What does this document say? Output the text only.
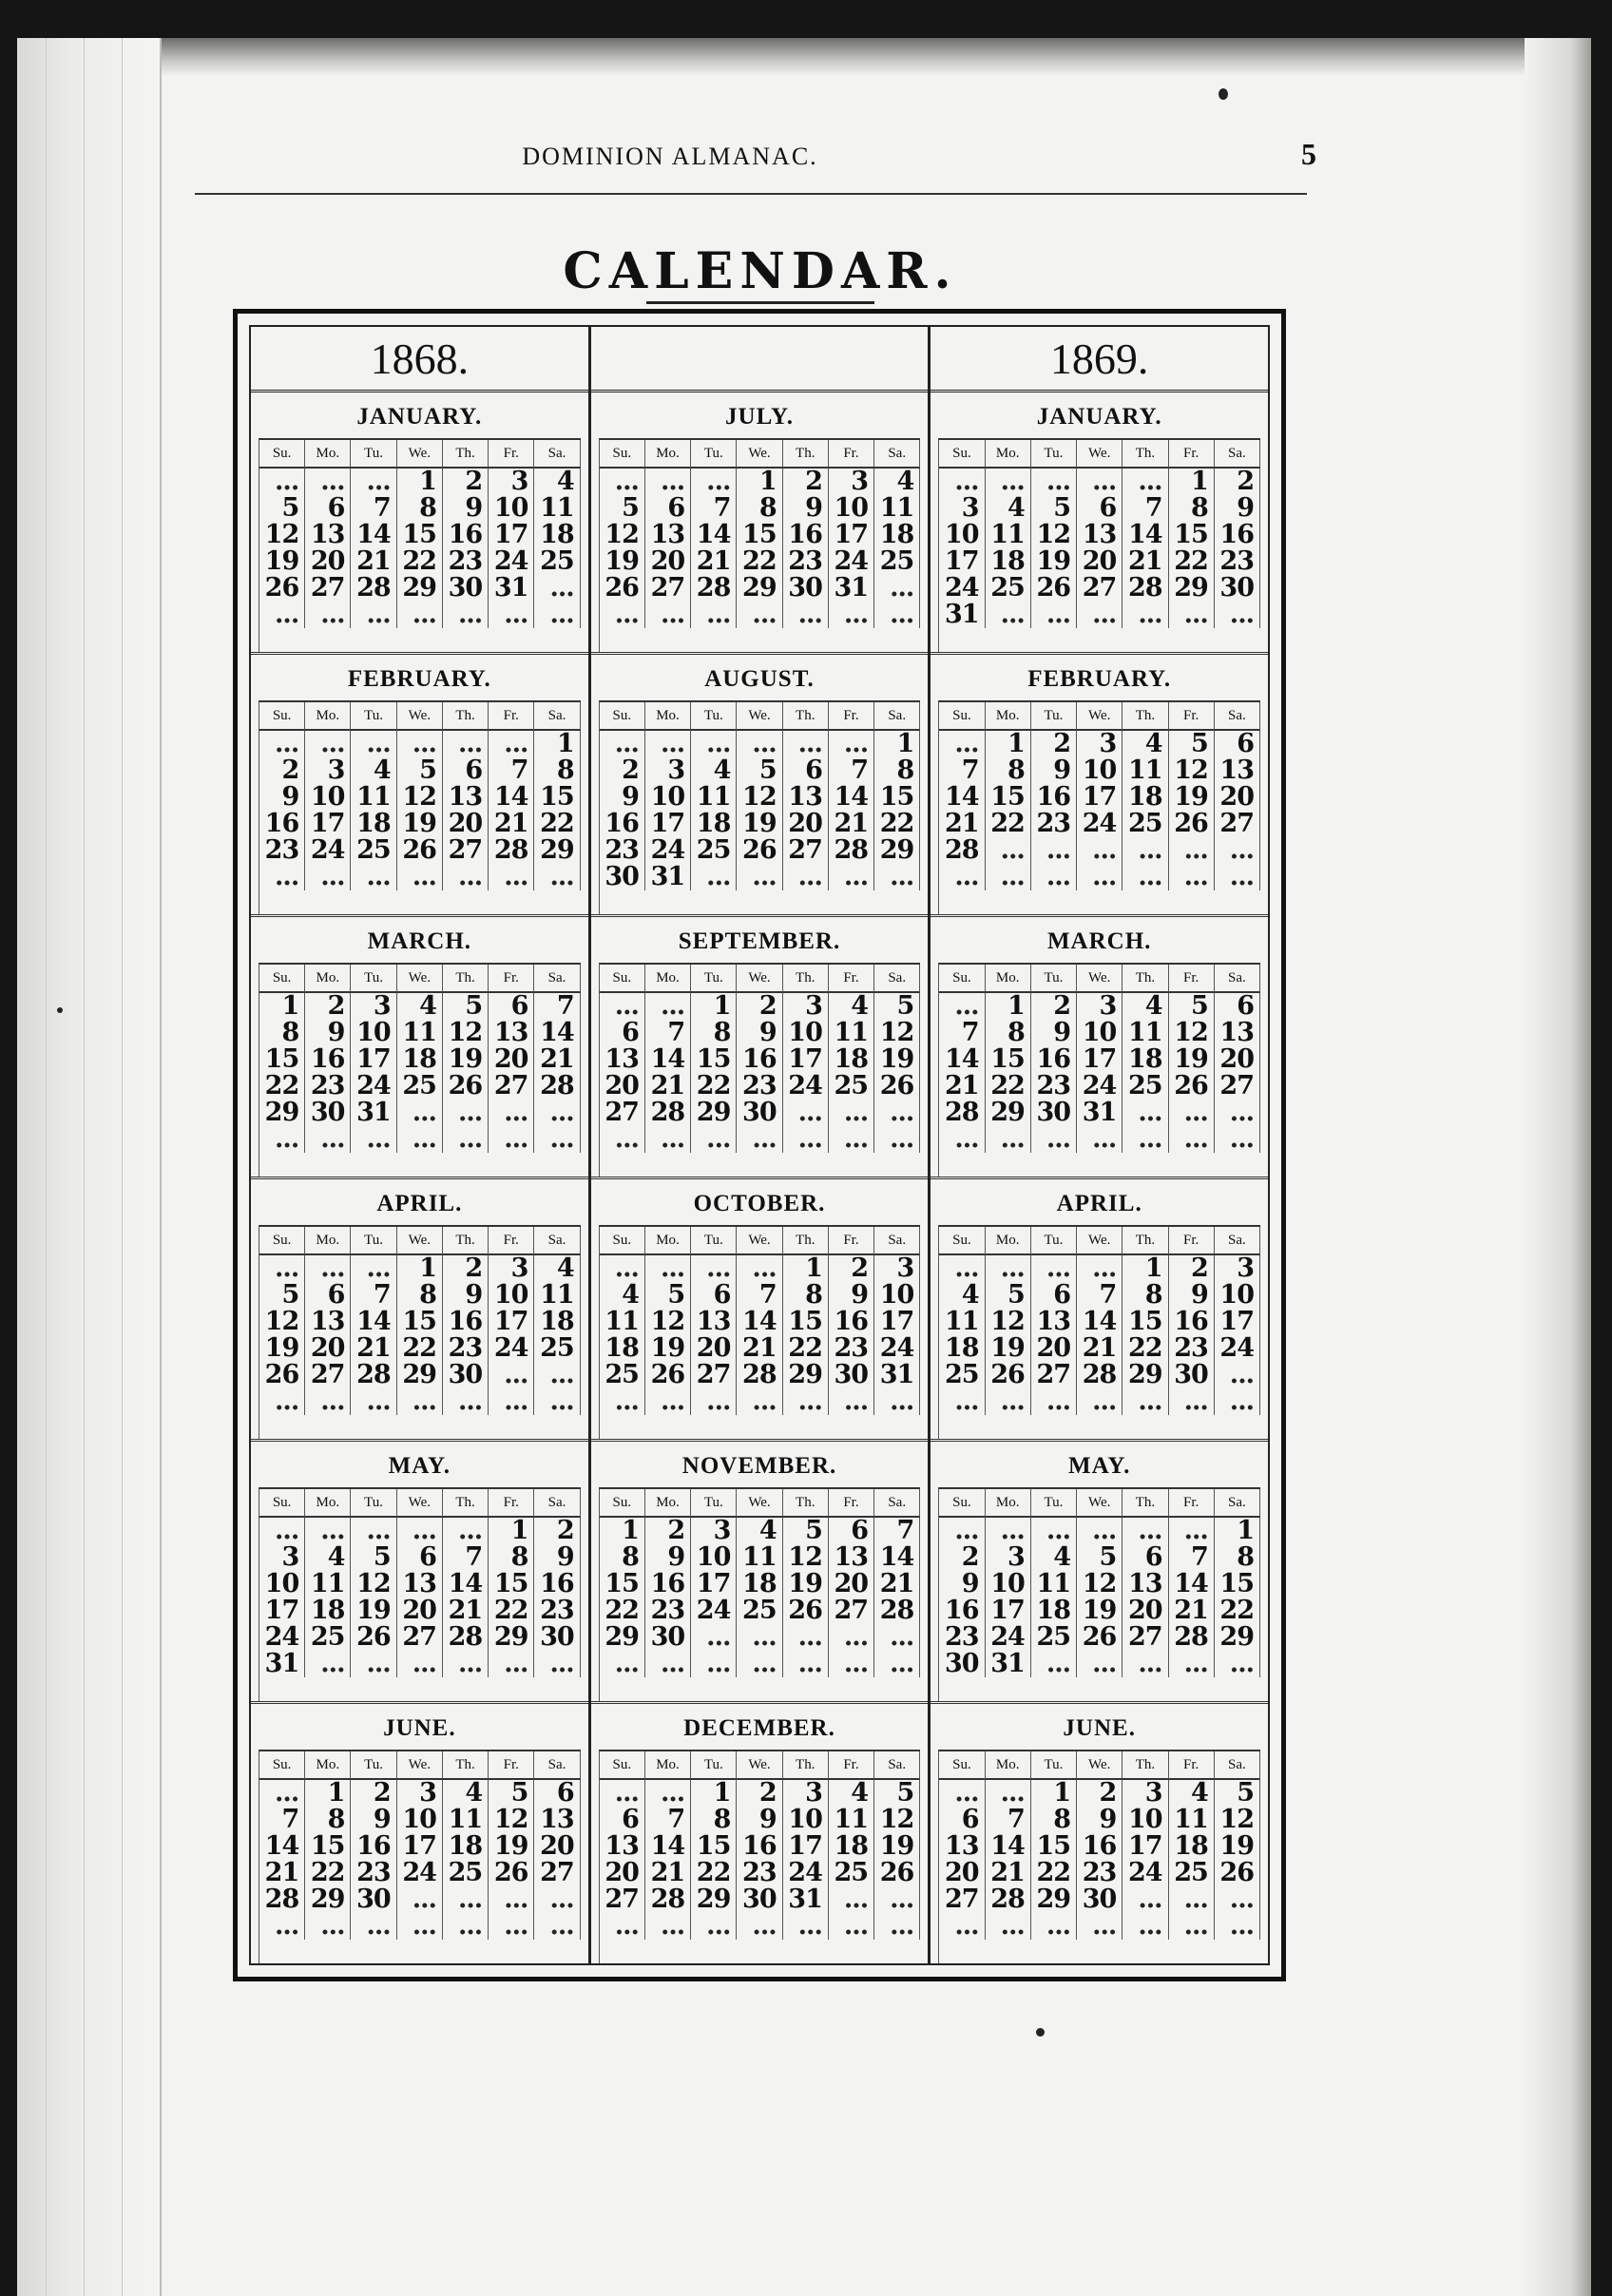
DOMINION ALMANAC.	5
CALENDAR.
1868.
JANUARY.
Su.	Mo.	Tu.	We.	Th.	Fr.	Sa.
... ... ...	1	2	3	4
5	6	7	8	9 10 11
12 13 14 15 16 17 18
19 20 21 22 23 24 25
26 27 28 29 30 31 ...
... ... ... ... ... ... ...
FEBRUARY.
Su.	Mo.	Tu.	We.	Th.	Fr.	Sa.
... ... ... ... ... ...	1
2	3	4	5	6	7	8
9 10 11 12 13 14 15
16 17 18 19 20 21 22
23 24 25 26 27 28 29
... ... ... ... ... ... ...
MARCH.
Su.	Mo.	Tu.	We.	Th.	Fr.	Sa.
1	2	3	4	5	6	7
8	9 10 11 12 13 14
15 16 17 18 19 20 21
22 23 24 25 26 27 28
29 30 31 ... ... ... ...
... ... ... ... ... ... ...
APRIL.
Su.	Mo.	Tu.	We.	Th.	Fr.	Sa.
... ... ...	1	2	3	4
5	6	7	8	9 10 11
12 13 14 15 16 17 18
19 20 21 22 23 24 25
26 27 28 29 30 ... ...
... ... ... ... ... ... ...
MAY.
Su.	Mo.	Tu.	We.	Th.	Fr.	Sa.
... ... ... ... ...	1	2
3	4	5	6	7	8	9
10 11 12 13 14 15 16
17 18 19 20 21 22 23
24 25 26 27 28 29 30
31 ... ... ... ... ... ...
JUNE.
Su.	Mo.	Tu.	We.	Th.	Fr.	Sa.
...	1	2	3	4	5	6
7	8	9 10 11 12 13
14 15 16 17 18 19 20
21 22 23 24 25 26 27
28 29 30 ... ... ... ...
... ... ... ... ... ... ...
JULY.
Su.	Mo.	Tu.	We.	Th.	Fr.	Sa.
... ... ...	1	2	3	4
5	6	7	8	9 10 11
12 13 14 15 16 17 18
19 20 21 22 23 24 25
26 27 28 29 30 31 ...
... ... ... ... ... ... ...
AUGUST.
Su.	Mo.	Tu.	We.	Th.	Fr.	Sa.
... ... ... ... ... ...	1
2	3	4	5	6	7	8
9 10 11 12 13 14 15
16 17 18 19 20 21 22
23 24 25 26 27 28 29
30 31 ... ... ... ... ...
SEPTEMBER.
Su.	Mo.	Tu.	We.	Th.	Fr.	Sa.
... ...	1	2	3	4	5
6	7	8	9 10 11 12
13 14 15 16 17 18 19
20 21 22 23 24 25 26
27 28 29 30 ... ... ...
... ... ... ... ... ... ...
OCTOBER.
Su.	Mo.	Tu.	We.	Th.	Fr.	Sa.
... ... ... ...	1	2	3
4	5	6	7	8	9 10
11 12 13 14 15 16 17
18 19 20 21 22 23 24
25 26 27 28 29 30 31
... ... ... ... ... ... ...
NOVEMBER.
Su.	Mo.	Tu.	We.	Th.	Fr.	Sa.
1	2	3	4	5	6	7
8	9 10 11 12 13 14
15 16 17 18 19 20 21
22 23 24 25 26 27 28
29 30 ... ... ... ... ...
... ... ... ... ... ... ...
DECEMBER.
Su.	Mo.	Tu.	We.	Th.	Fr.	Sa.
... ...	1	2	3	4	5
6	7	8	9 10 11 12
13 14 15 16 17 18 19
20 21 22 23 24 25 26
27 28 29 30 31 ... ...
... ... ... ... ... ... ...
1869.
JANUARY.
Su.	Mo.	Tu.	We.	Th.	Fr.	Sa.
... ... ... ... ...	1	2
3	4	5	6	7	8	9
10 11 12 13 14 15 16
17 18 19 20 21 22 23
24 25 26 27 28 29 30
31 ... ... ... ... ... ...
FEBRUARY.
Su.	Mo.	Tu.	We.	Th.	Fr.	Sa.
...	1	2	3	4	5	6
7	8	9 10 11 12 13
14 15 16 17 18 19 20
21 22 23 24 25 26 27
28 ... ... ... ... ... ...
... ... ... ... ... ... ...
MARCH.
Su.	Mo.	Tu.	We.	Th.	Fr.	Sa.
...	1	2	3	4	5	6
7	8	9 10 11 12 13
14 15 16 17 18 19 20
21 22 23 24 25 26 27
28 29 30 31 ... ... ...
... ... ... ... ... ... ...
APRIL.
Su.	Mo.	Tu.	We.	Th.	Fr.	Sa.
... ... ... ...	1	2	3
4	5	6	7	8	9 10
11 12 13 14 15 16 17
18 19 20 21 22 23 24
25 26 27 28 29 30 ...
... ... ... ... ... ... ...
MAY.
Su.	Mo.	Tu.	We.	Th.	Fr.	Sa.
... ... ... ... ... ...	1
2	3	4	5	6	7	8
9 10 11 12 13 14 15
16 17 18 19 20 21 22
23 24 25 26 27 28 29
30 31 ... ... ... ... ...
JUNE.
Su.	Mo.	Tu.	We.	Th.	Fr.	Sa.
... ...	1	2	3	4	5
6	7	8	9 10 11 12
13 14 15 16 17 18 19
20 21 22 23 24 25 26
27 28 29 30 ... ... ...
... ... ... ... ... ... ...
